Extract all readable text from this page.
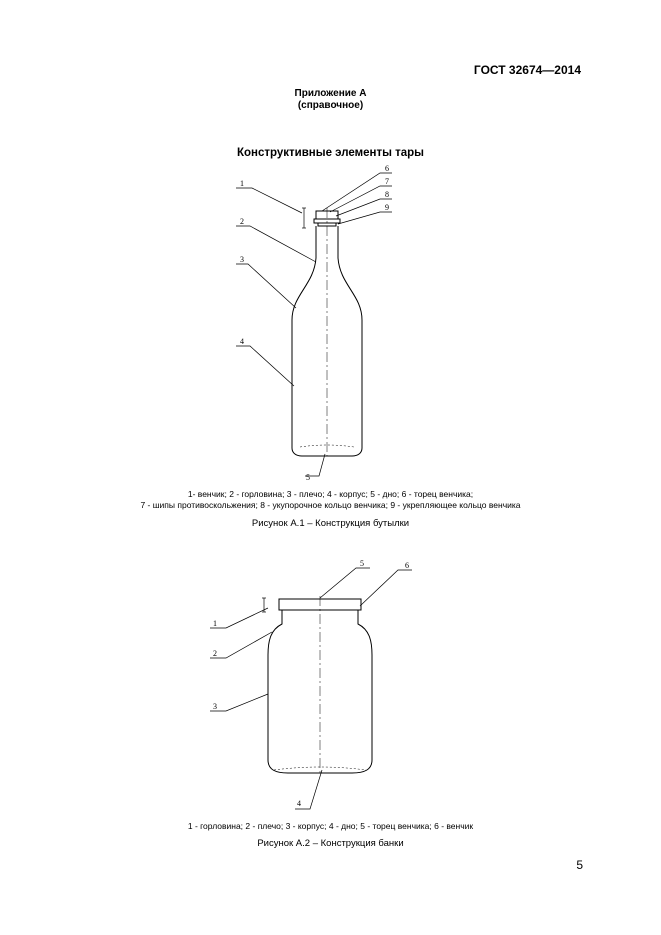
ГОСТ 32674—2014
Приложение А
(справочное)
Конструктивные элементы тары
1
2
3
4
5
6
7
8
9
1
2
3
4
5	6
1- венчик; 2 - горловина; 3 - плечо; 4 - корпус; 5 - дно; 6 - торец венчика;
7 - шипы противоскольжения; 8 - укупорочное кольцо венчика; 9 - укрепляющее кольцо венчика
Рисунок А.1 – Конструкция бутылки
1 - горловина; 2 - плечо; 3 - корпус; 4 - дно; 5 - торец венчика; 6 - венчик
Рисунок А.2 – Конструкция банки
5
